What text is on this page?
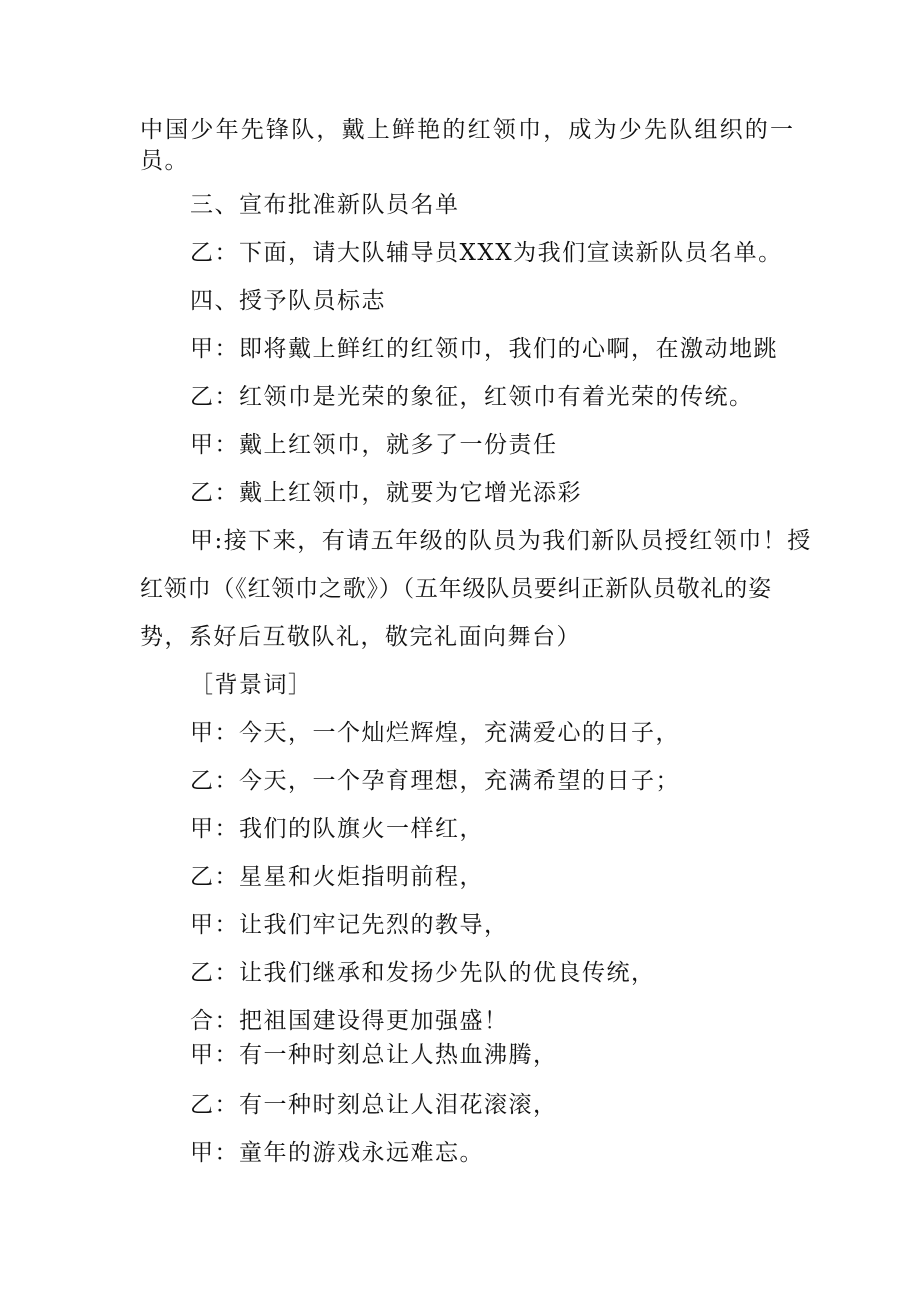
中国少年先锋队，戴上鲜艳的红领巾，成为少先队组织的一
员。
三、宣布批准新队员名单
乙：下面，请大队辅导员XXX为我们宣读新队员名单。
四、授予队员标志
甲：即将戴上鲜红的红领巾，我们的心啊，在激动地跳
乙：红领巾是光荣的象征，红领巾有着光荣的传统。
甲：戴上红领巾，就多了一份责任
乙：戴上红领巾，就要为它增光添彩
甲:接下来，有请五年级的队员为我们新队员授红领巾！授
红领巾（《红领巾之歌》）（五年级队员要纠正新队员敬礼的姿
势，系好后互敬队礼，敬完礼面向舞台）
［背景词］
甲：今天，一个灿烂辉煌，充满爱心的日子，
乙：今天，一个孕育理想，充满希望的日子；
甲：我们的队旗火一样红，
乙：星星和火炬指明前程，
甲：让我们牢记先烈的教导，
乙：让我们继承和发扬少先队的优良传统，
合：把祖国建设得更加强盛！
甲：有一种时刻总让人热血沸腾，
乙：有一种时刻总让人泪花滚滚，
甲：童年的游戏永远难忘。
